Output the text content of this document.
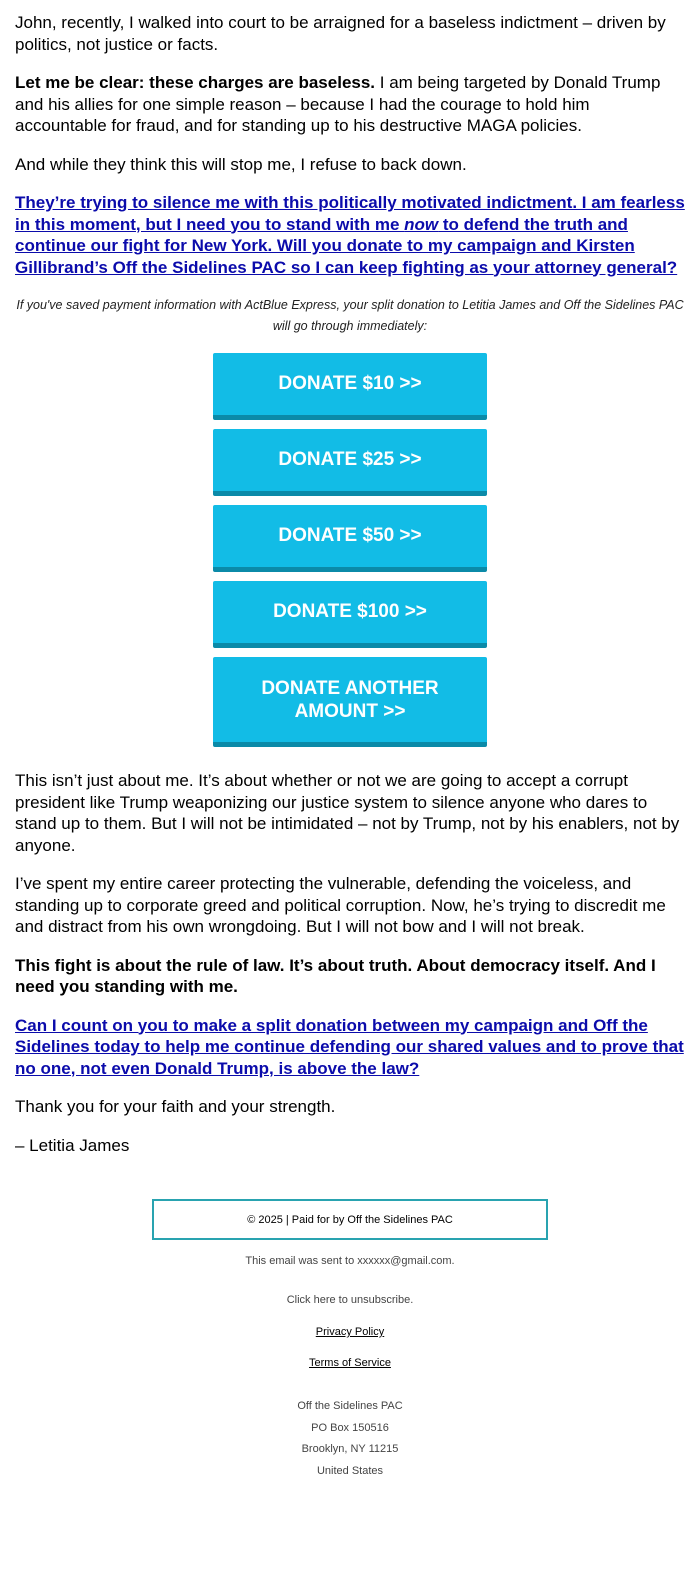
John, recently, I walked into court to be arraigned for a baseless indictment – driven by politics, not justice or facts.

Let me be clear: these charges are baseless. I am being targeted by Donald Trump and his allies for one simple reason – because I had the courage to hold him accountable for fraud, and for standing up to his destructive MAGA policies.

And while they think this will stop me, I refuse to back down.

They’re trying to silence me with this politically motivated indictment. I am fearless in this moment, but I need you to stand with me now to defend the truth and continue our fight for New York. Will you donate to my campaign and Kirsten Gillibrand’s Off the Sidelines PAC so I can keep fighting as your attorney general?

If you've saved payment information with ActBlue Express, your split donation to Letitia James and Off the Sidelines PAC will go through immediately:

DONATE $10 >>
DONATE $25 >>
DONATE $50 >>
DONATE $100 >>
DONATE ANOTHER AMOUNT >>

This isn’t just about me. It’s about whether or not we are going to accept a corrupt president like Trump weaponizing our justice system to silence anyone who dares to stand up to them. But I will not be intimidated – not by Trump, not by his enablers, not by anyone.

I’ve spent my entire career protecting the vulnerable, defending the voiceless, and standing up to corporate greed and political corruption. Now, he’s trying to discredit me and distract from his own wrongdoing. But I will not bow and I will not break.

This fight is about the rule of law. It’s about truth. About democracy itself. And I need you standing with me.

Can I count on you to make a split donation between my campaign and Off the Sidelines today to help me continue defending our shared values and to prove that no one, not even Donald Trump, is above the law?

Thank you for your faith and your strength.

– Letitia James

© 2025 | Paid for by Off the Sidelines PAC

This email was sent to xxxxxx@gmail.com.

Click here to unsubscribe.

Privacy Policy

Terms of Service

Off the Sidelines PAC
PO Box 150516
Brooklyn, NY 11215
United States
